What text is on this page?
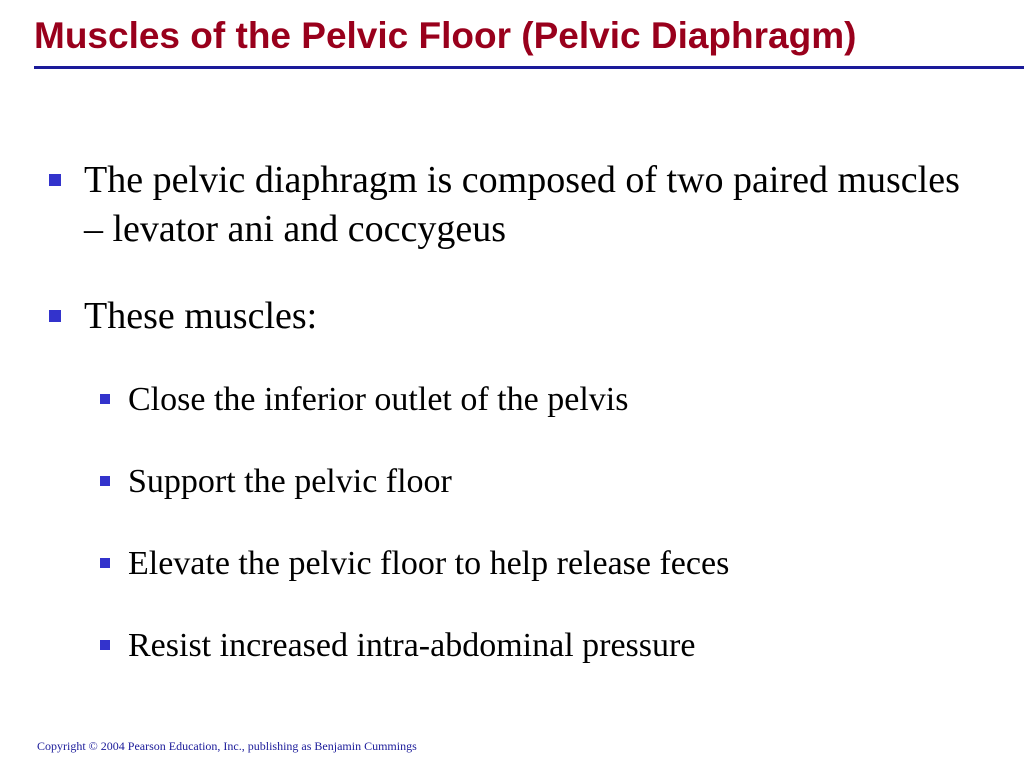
Muscles of the Pelvic Floor (Pelvic Diaphragm)
The pelvic diaphragm is composed of two paired muscles – levator ani and coccygeus
These muscles:
Close the inferior outlet of the pelvis
Support the pelvic floor
Elevate the pelvic floor to help release feces
Resist increased intra-abdominal pressure
Copyright © 2004 Pearson Education, Inc., publishing as Benjamin Cummings
